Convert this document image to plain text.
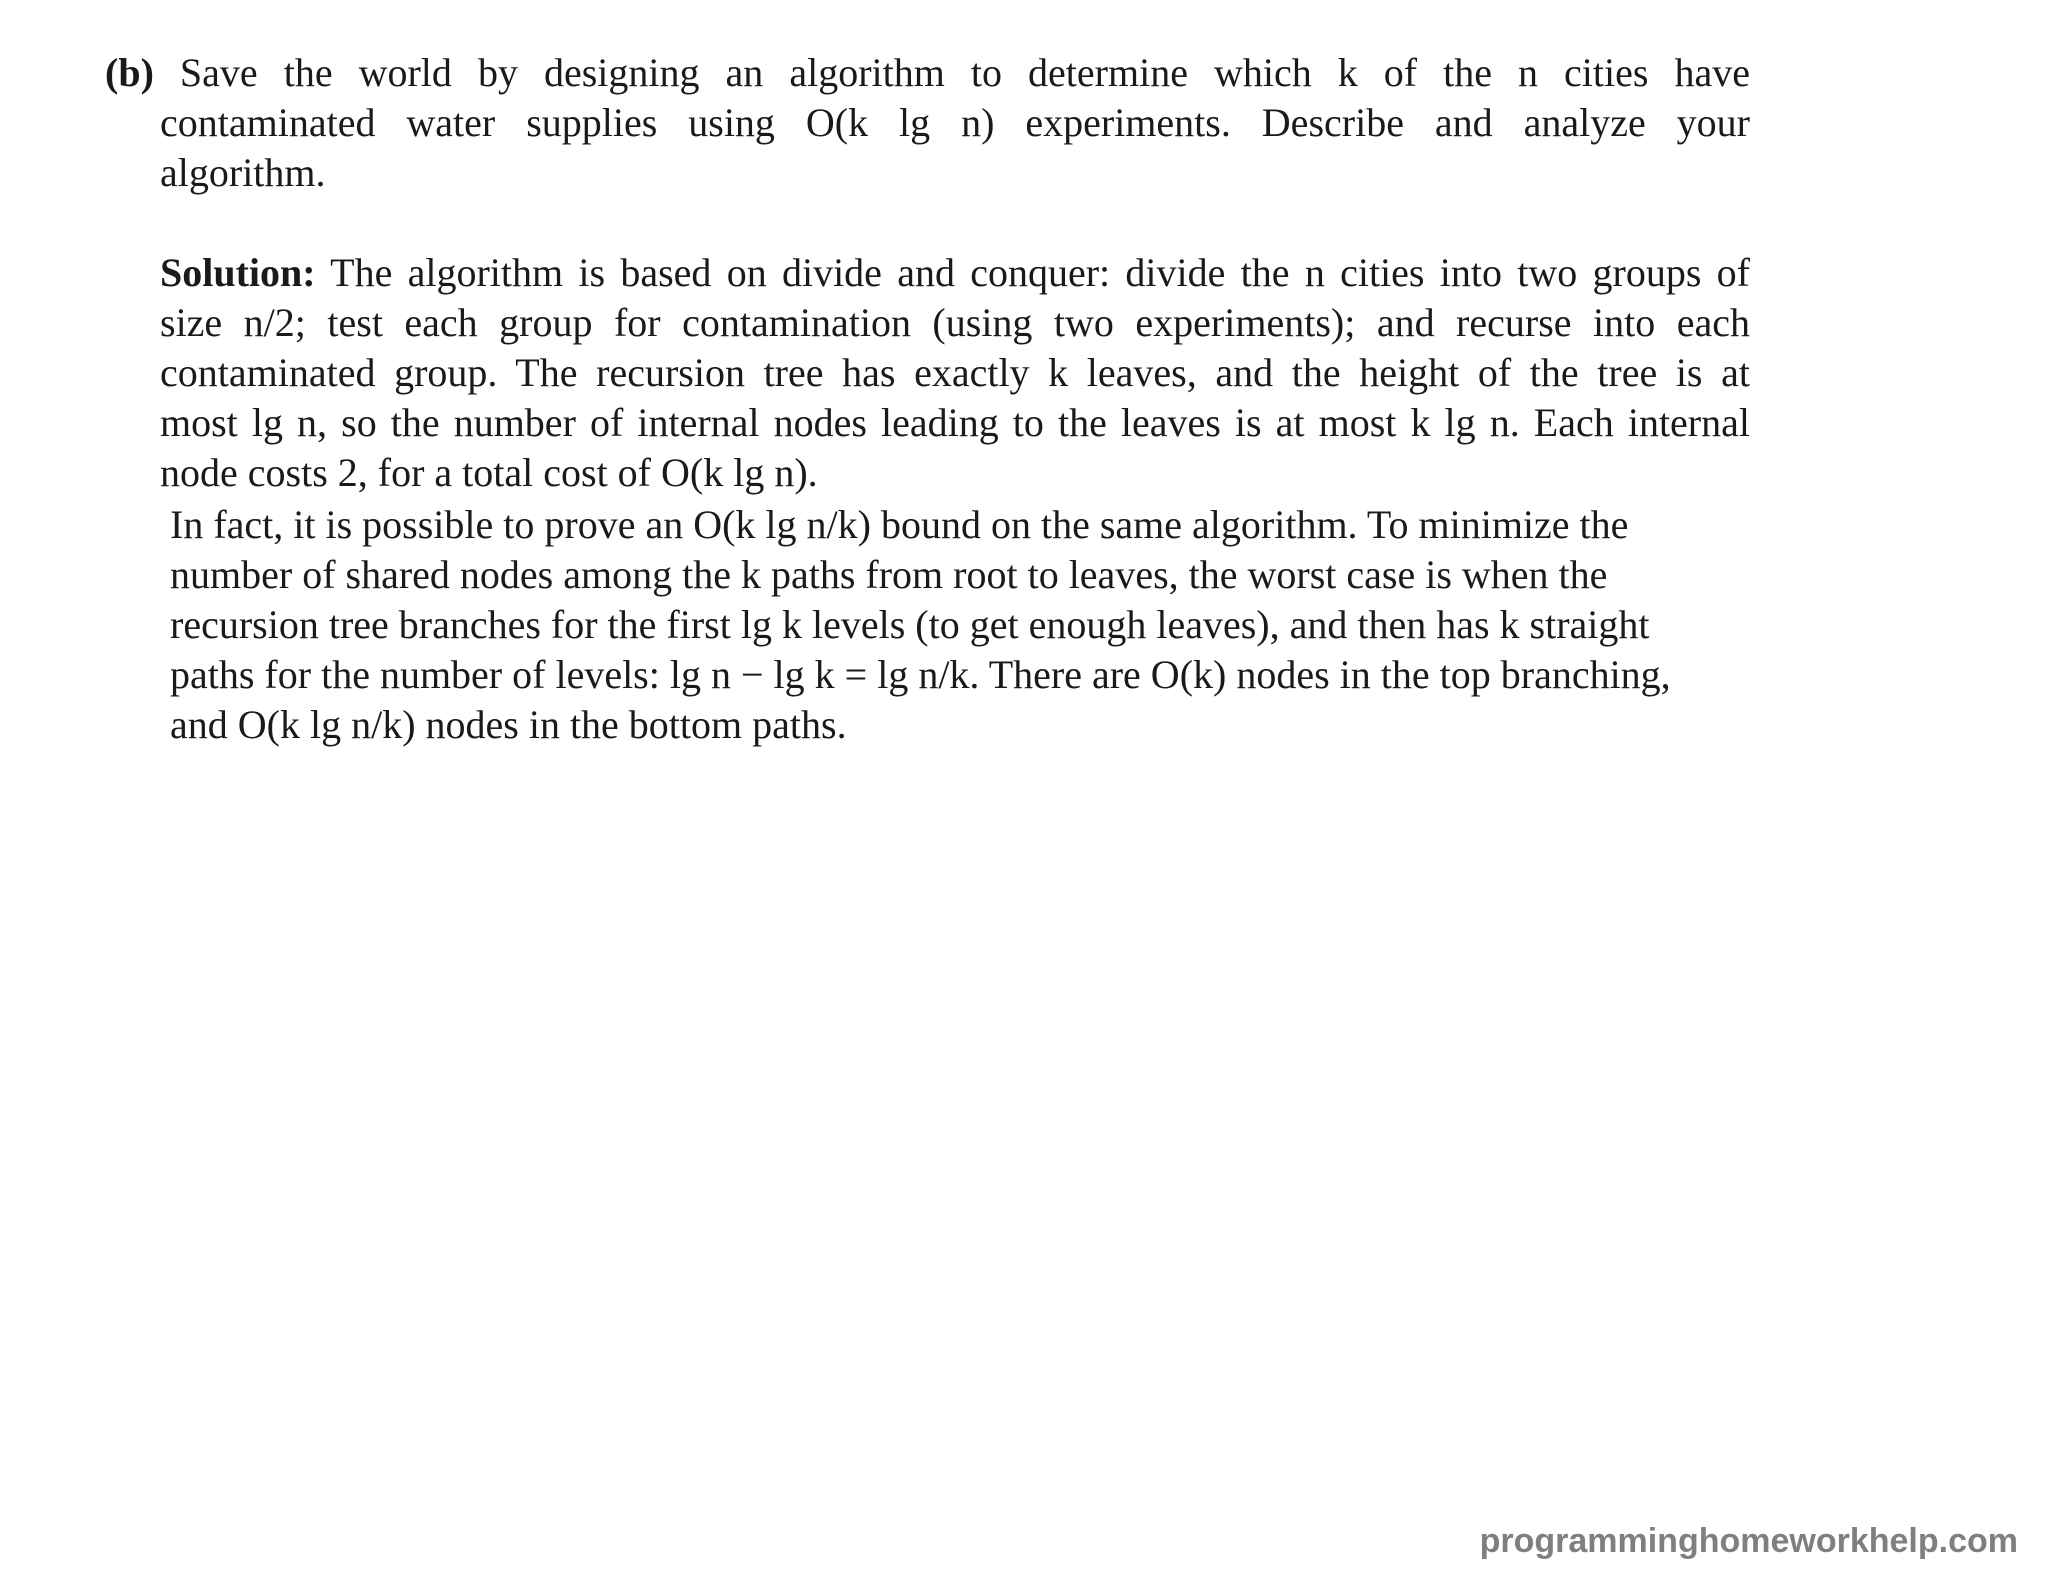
(b) Save the world by designing an algorithm to determine which k of the n cities have
contaminated water supplies using O(k lg n) experiments. Describe and analyze your
algorithm.
Solution: The algorithm is based on divide and conquer: divide the n cities into two groups of
size n/2; test each group for contamination (using two experiments); and recurse into each
contaminated group. The recursion tree has exactly k leaves, and the height of the tree is at
most lg n, so the number of internal nodes leading to the leaves is at most k lg n. Each internal
node costs 2, for a total cost of O(k lg n).
In fact, it is possible to prove an O(k lg n/k) bound on the same algorithm. To minimize the
number of shared nodes among the k paths from root to leaves, the worst case is when the
recursion tree branches for the first lg k levels (to get enough leaves), and then has k straight
paths for the number of levels: lg n − lg k = lg n/k. There are O(k) nodes in the top branching,
and O(k lg n/k) nodes in the bottom paths.
programminghomeworkhelp.com
